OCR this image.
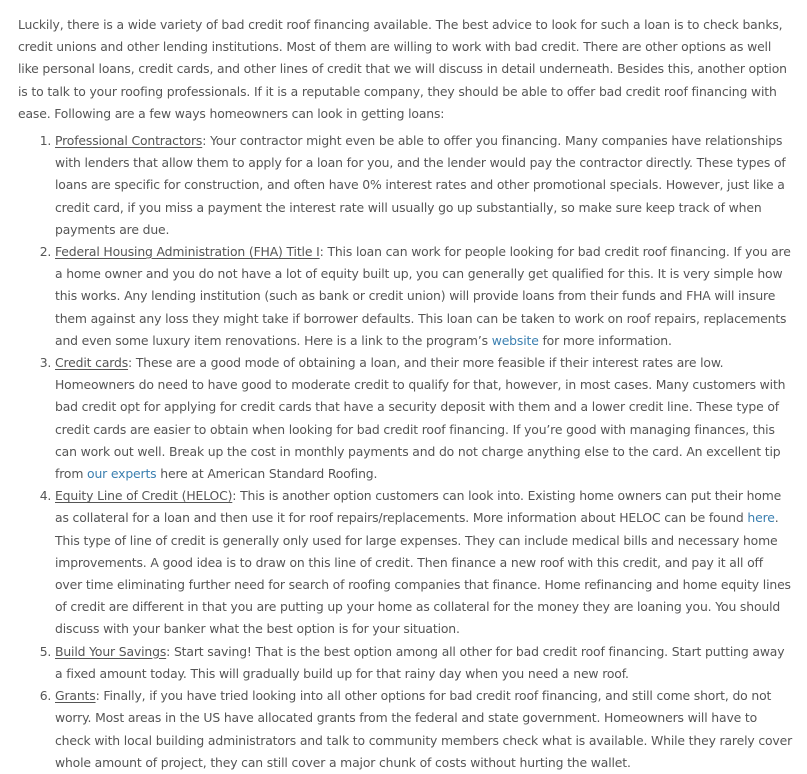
Luckily, there is a wide variety of bad credit roof financing available. The best advice to look for such a loan is to check banks, credit unions and other lending institutions. Most of them are willing to work with bad credit. There are other options as well like personal loans, credit cards, and other lines of credit that we will discuss in detail underneath. Besides this, another option is to talk to your roofing professionals. If it is a reputable company, they should be able to offer bad credit roof financing with ease. Following are a few ways homeowners can look in getting loans:

1. Professional Contractors: Your contractor might even be able to offer you financing. Many companies have relationships with lenders that allow them to apply for a loan for you, and the lender would pay the contractor directly. These types of loans are specific for construction, and often have 0% interest rates and other promotional specials. However, just like a credit card, if you miss a payment the interest rate will usually go up substantially, so make sure keep track of when payments are due.
2. Federal Housing Administration (FHA) Title I: This loan can work for people looking for bad credit roof financing. If you are a home owner and you do not have a lot of equity built up, you can generally get qualified for this. It is very simple how this works. Any lending institution (such as bank or credit union) will provide loans from their funds and FHA will insure them against any loss they might take if borrower defaults. This loan can be taken to work on roof repairs, replacements and even some luxury item renovations. Here is a link to the program’s website for more information.
3. Credit cards: These are a good mode of obtaining a loan, and their more feasible if their interest rates are low. Homeowners do need to have good to moderate credit to qualify for that, however, in most cases. Many customers with bad credit opt for applying for credit cards that have a security deposit with them and a lower credit line. These type of credit cards are easier to obtain when looking for bad credit roof financing. If you’re good with managing finances, this can work out well. Break up the cost in monthly payments and do not charge anything else to the card. An excellent tip from our experts here at American Standard Roofing.
4. Equity Line of Credit (HELOC): This is another option customers can look into. Existing home owners can put their home as collateral for a loan and then use it for roof repairs/replacements. More information about HELOC can be found here. This type of line of credit is generally only used for large expenses. They can include medical bills and necessary home improvements. A good idea is to draw on this line of credit. Then finance a new roof with this credit, and pay it all off over time eliminating further need for search of roofing companies that finance. Home refinancing and home equity lines of credit are different in that you are putting up your home as collateral for the money they are loaning you. You should discuss with your banker what the best option is for your situation.
5. Build Your Savings: Start saving! That is the best option among all other for bad credit roof financing. Start putting away a fixed amount today. This will gradually build up for that rainy day when you need a new roof.
6. Grants: Finally, if you have tried looking into all other options for bad credit roof financing, and still come short, do not worry. Most areas in the US have allocated grants from the federal and state government. Homeowners will have to check with local building administrators and talk to community members check what is available. While they rarely cover whole amount of project, they can still cover a major chunk of costs without hurting the wallet.
